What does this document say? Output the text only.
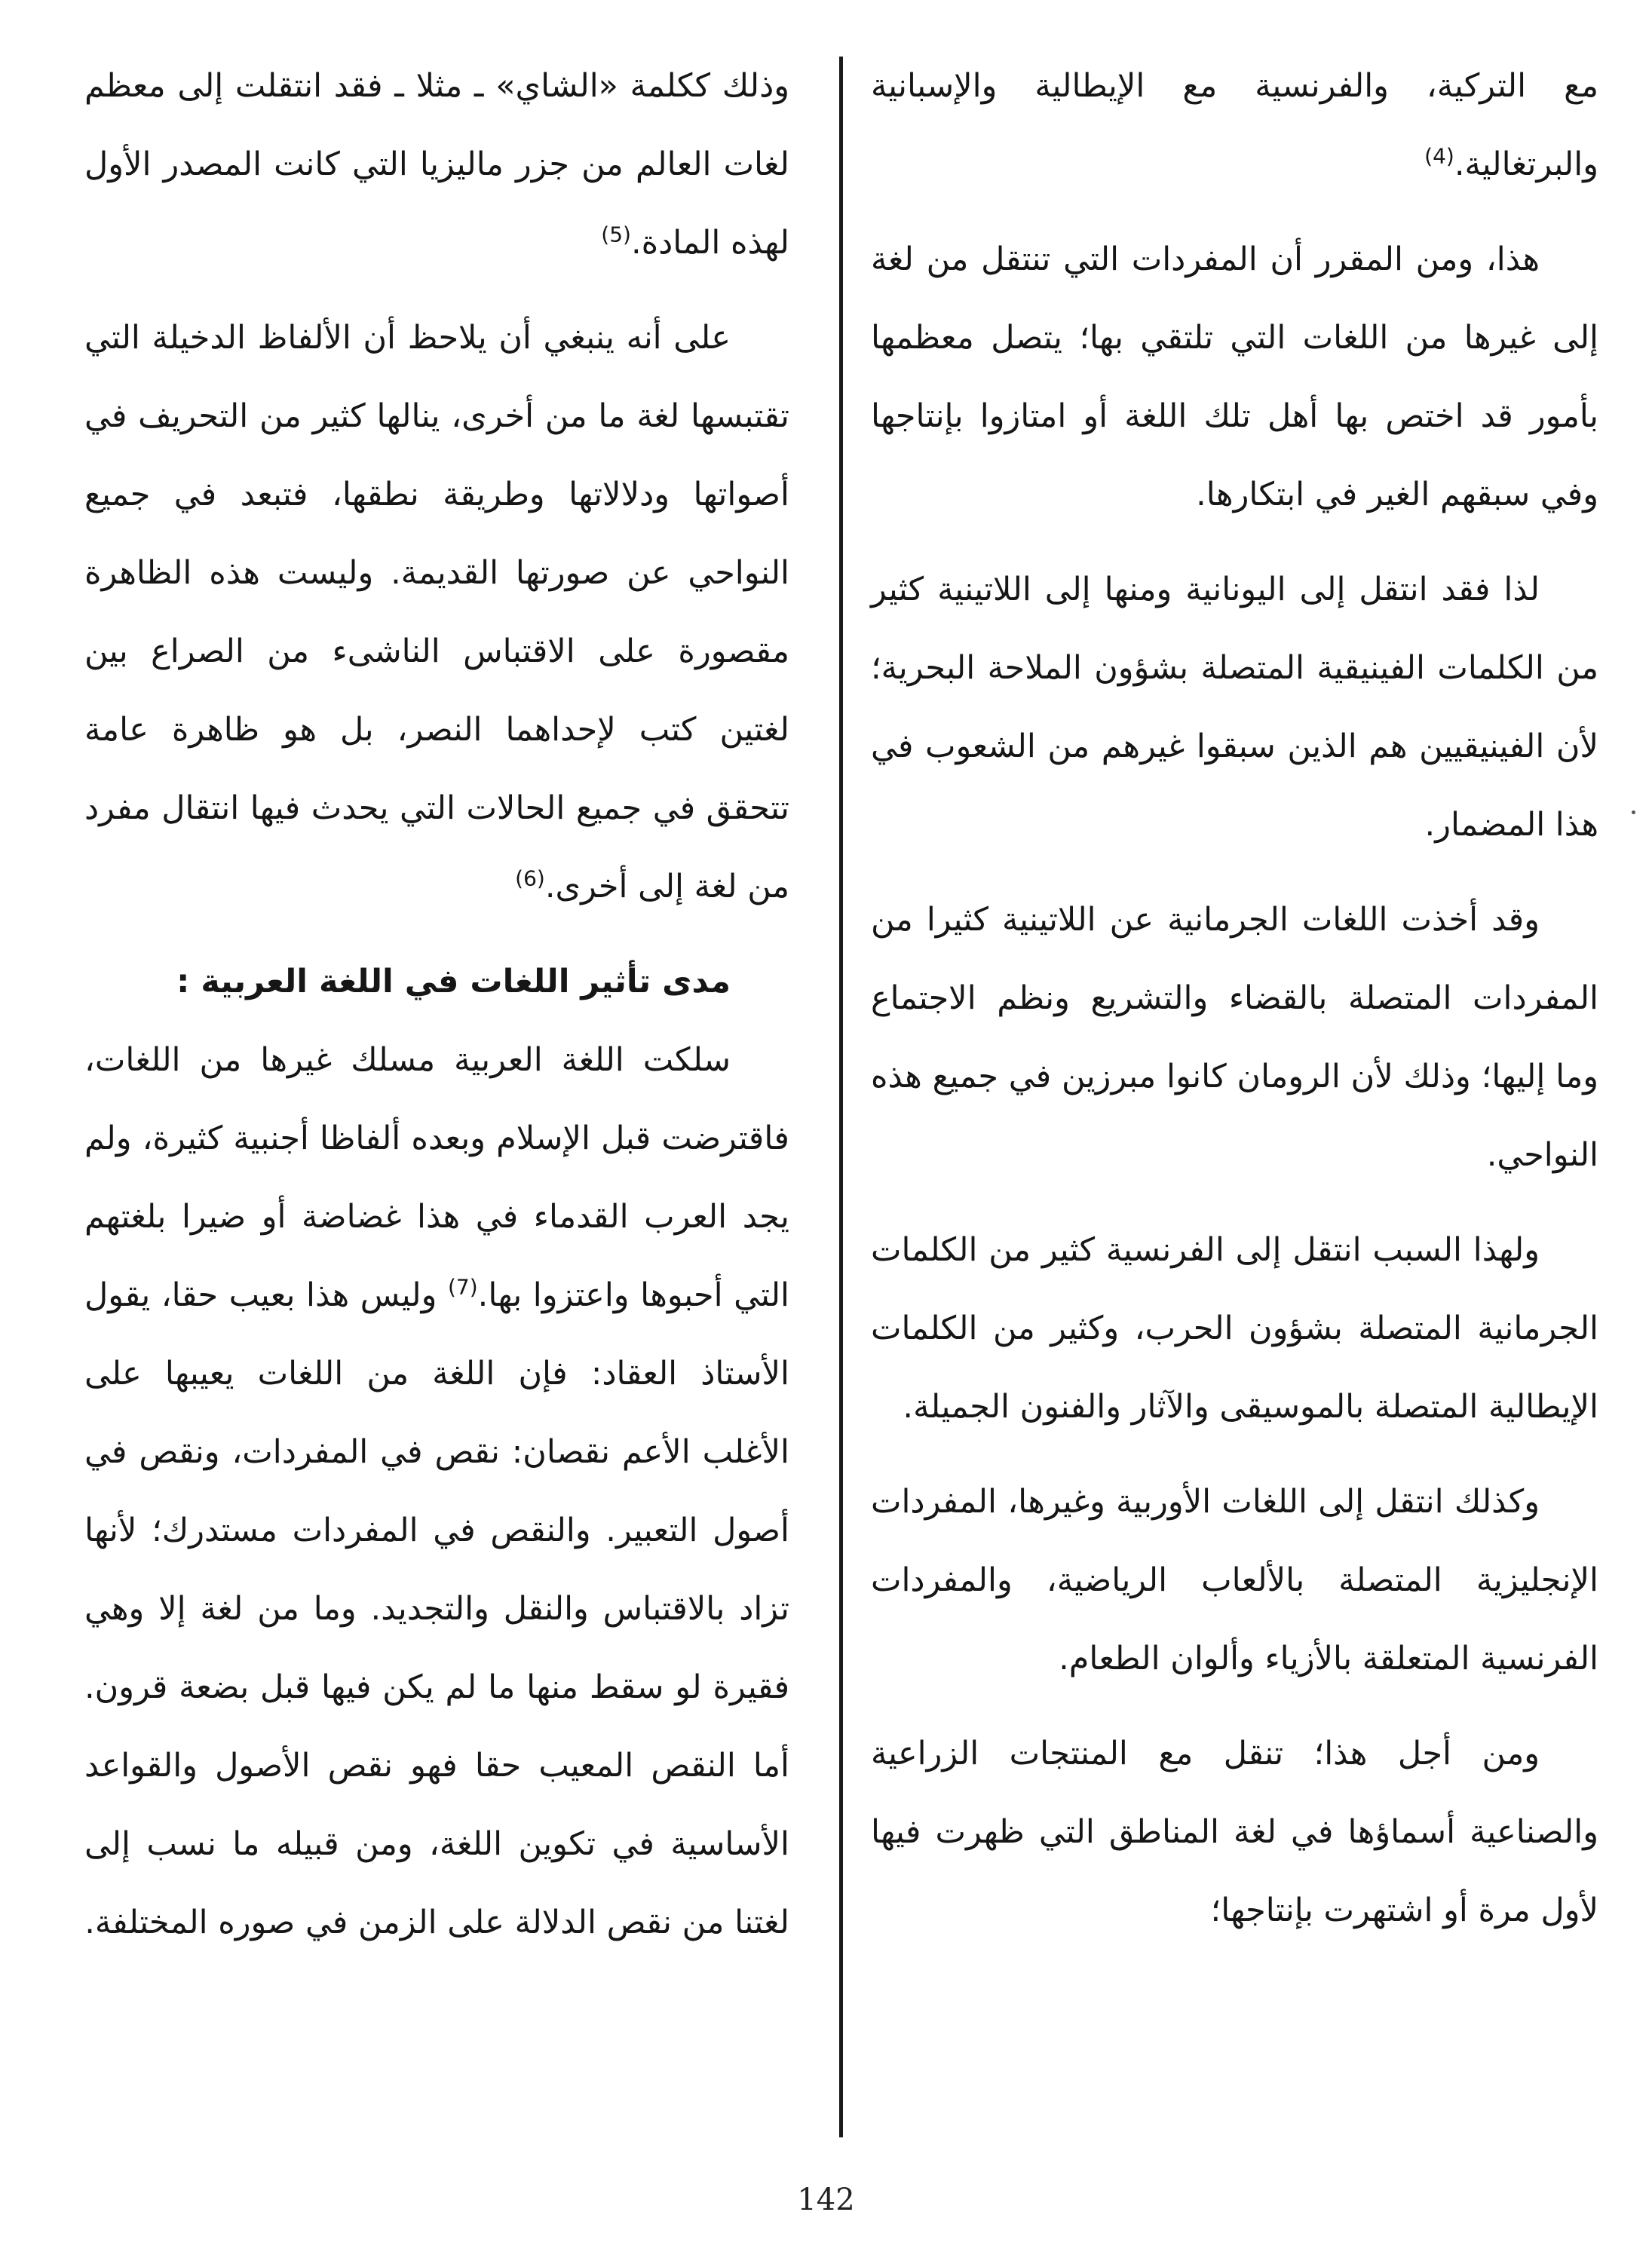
مع التركية، والفرنسية مع الإيطالية والإسبانية والبرتغالية.$^{(4)}$

هذا، ومن المقرر أن المفردات التي تنتقل من لغة إلى غيرها من اللغات التي تلتقي بها؛ يتصل معظمها بأمور قد اختص بها أهل تلك اللغة أو امتازوا بإنتاجها وفي سبقهم الغير في ابتكارها.

لذا فقد انتقل إلى اليونانية ومنها إلى اللاتينية كثير من الكلمات الفينيقية المتصلة بشؤون الملاحة البحرية؛ لأن الفينيقيين هم الذين سبقوا غيرهم من الشعوب في هذا المضمار.

وقد أخذت اللغات الجرمانية عن اللاتينية كثيرا من المفردات المتصلة بالقضاء والتشريع ونظم الاجتماع وما إليها؛ وذلك لأن الرومان كانوا مبرزين في جميع هذه النواحي.

ولهذا السبب انتقل إلى الفرنسية كثير من الكلمات الجرمانية المتصلة بشؤون الحرب، وكثير من الكلمات الإيطالية المتصلة بالموسيقى والآثار والفنون الجميلة.

وكذلك انتقل إلى اللغات الأوربية وغيرها، المفردات الإنجليزية المتصلة بالألعاب الرياضية، والمفردات الفرنسية المتعلقة بالأزياء وألوان الطعام.

ومن أجل هذا؛ تنقل مع المنتجات الزراعية والصناعية أسماؤها في لغة المناطق التي ظهرت فيها لأول مرة أو اشتهرت بإنتاجها؛

وذلك ككلمة «الشاي» ـ مثلا ـ فقد انتقلت إلى معظم لغات العالم من جزر ماليزيا التي كانت المصدر الأول لهذه المادة.$^{(5)}$

على أنه ينبغي أن يلاحظ أن الألفاظ الدخيلة التي تقتبسها لغة ما من أخرى، ينالها كثير من التحريف في أصواتها ودلالاتها وطريقة نطقها، فتبعد في جميع النواحي عن صورتها القديمة. وليست هذه الظاهرة مقصورة على الاقتباس الناشىء من الصراع بين لغتين كتب لإحداهما النصر، بل هو ظاهرة عامة تتحقق في جميع الحالات التي يحدث فيها انتقال مفرد من لغة إلى أخرى.$^{(6)}$

مدى تأثير اللغات في اللغة العربية :

سلكت اللغة العربية مسلك غيرها من اللغات، فاقترضت قبل الإسلام وبعده ألفاظا أجنبية كثيرة، ولم يجد العرب القدماء في هذا غضاضة أو ضيرا بلغتهم التي أحبوها واعتزوا بها.$^{(7)}$ وليس هذا بعيب حقا، يقول الأستاذ العقاد: فإن اللغة من اللغات يعيبها على الأغلب الأعم نقصان: نقص في المفردات، ونقص في أصول التعبير. والنقص في المفردات مستدرك؛ لأنها تزاد بالاقتباس والنقل والتجديد. وما من لغة إلا وهي فقيرة لو سقط منها ما لم يكن فيها قبل بضعة قرون. أما النقص المعيب حقا فهو نقص الأصول والقواعد الأساسية في تكوين اللغة، ومن قبيله ما نسب إلى لغتنا من نقص الدلالة على الزمن في صوره المختلفة.

142
